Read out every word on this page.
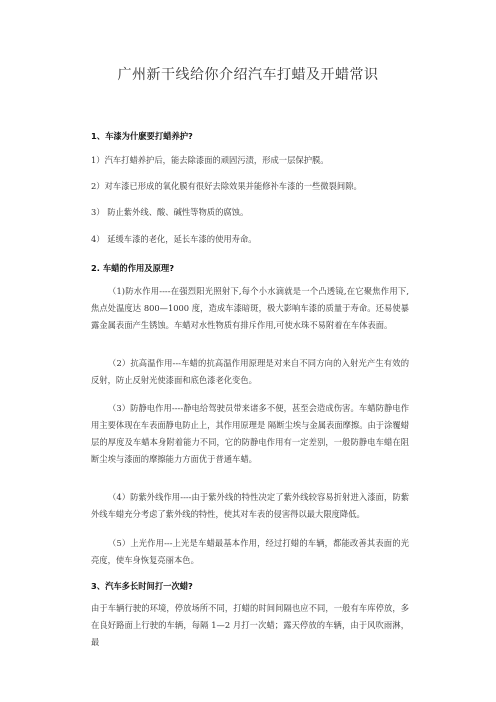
广州新干线给你介绍汽车打蜡及开蜡常识
1、车漆为什麽要打蜡养护?
1）汽车打蜡养护后，能去除漆面的顽固污渍，形成一层保护膜。
2）对车漆已形成的氧化膜有很好去除效果并能修补车漆的一些微裂间隙。
3） 防止紫外线、酸、碱性等物质的腐蚀。
4） 延缓车漆的老化，延长车漆的使用寿命。
2. 车蜡的作用及原理?
（1)防水作用----在强烈阳光照射下,每个小水滴就是一个凸透镜,在它聚焦作用下,焦点处温度达 800—1000 度，造成车漆暗斑，极大影响车漆的质量于寿命。还易使暴露金属表面产生锈蚀。车蜡对水性物质有排斥作用,可使水珠不易附着在车体表面。
（2）抗高温作用---车蜡的抗高温作用原理是对来自不同方向的入射光产生有效的反射，防止反射光使漆面和底色漆老化变色。
（3）防静电作用----静电给驾驶员带来诸多不便，甚至会造成伤害。车蜡防静电作用主要体现在车表面静电防止上，其作用原理是 隔断尘埃与金属表面摩擦。由于涂覆蜡层的厚度及车蜡本身附着能力不同，它的防静电作用有一定差别，一般防静电车蜡在阻断尘埃与漆面的摩擦能力方面优于普通车蜡。
（4）防紫外线作用----由于紫外线的特性决定了紫外线较容易折射进入漆面，防紫外线车蜡充分考虑了紫外线的特性，使其对车表的侵害得以最大限度降低。
（5）上光作用---上光是车蜡最基本作用，经过打蜡的车辆，都能改善其表面的光亮度，使车身恢复亮丽本色。
3、汽车多长时间打一次蜡?
由于车辆行驶的环境，停放场所不同，打蜡的时间间隔也应不同，一般有车库停放，多在良好路面上行驶的车辆，每隔 1—2 月打一次蜡；露天停放的车辆，由于风吹雨淋，最
